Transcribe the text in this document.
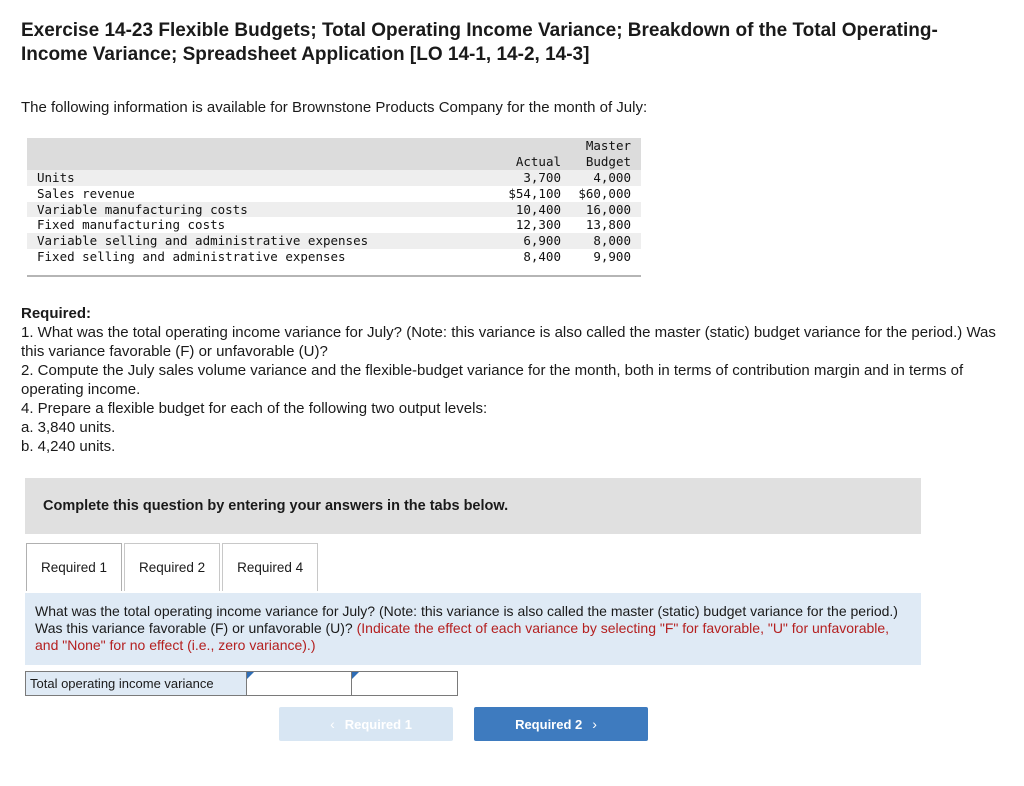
Exercise 14-23 Flexible Budgets; Total Operating Income Variance; Breakdown of the Total Operating-Income Variance; Spreadsheet Application [LO 14-1, 14-2, 14-3]
The following information is available for Brownstone Products Company for the month of July:
Actual
Master
Budget
Units	3,700	4,000
Sales revenue	$54,100 $60,000
Variable manufacturing costs	10,400 16,000
Fixed manufacturing costs	12,300 13,800
Variable selling and administrative expenses	6,900	8,000
Fixed selling and administrative expenses	8,400	9,900

Required:

1. What was the total operating income variance for July? (Note: this variance is also called the master (static) budget variance for the period.) Was this variance favorable (F) or unfavorable (U)?

2. Compute the July sales volume variance and the flexible-budget variance for the month, both in terms of contribution margin and in terms of operating income.

4. Prepare a flexible budget for each of the following two output levels:

a. 3,840 units.

b. 4,240 units.

Complete this question by entering your answers in the tabs below.
Required 1	Required 2	Required 4
What was the total operating income variance for July? (Note: this variance is also called the master (static) budget variance for the period.) Was this variance favorable (F) or unfavorable (U)? (Indicate the effect of each variance by selecting "F" for favorable, "U" for unfavorable, and "None" for no effect (i.e., zero variance).)
Total operating income variance
‹ Required 1	Required 2 ›
